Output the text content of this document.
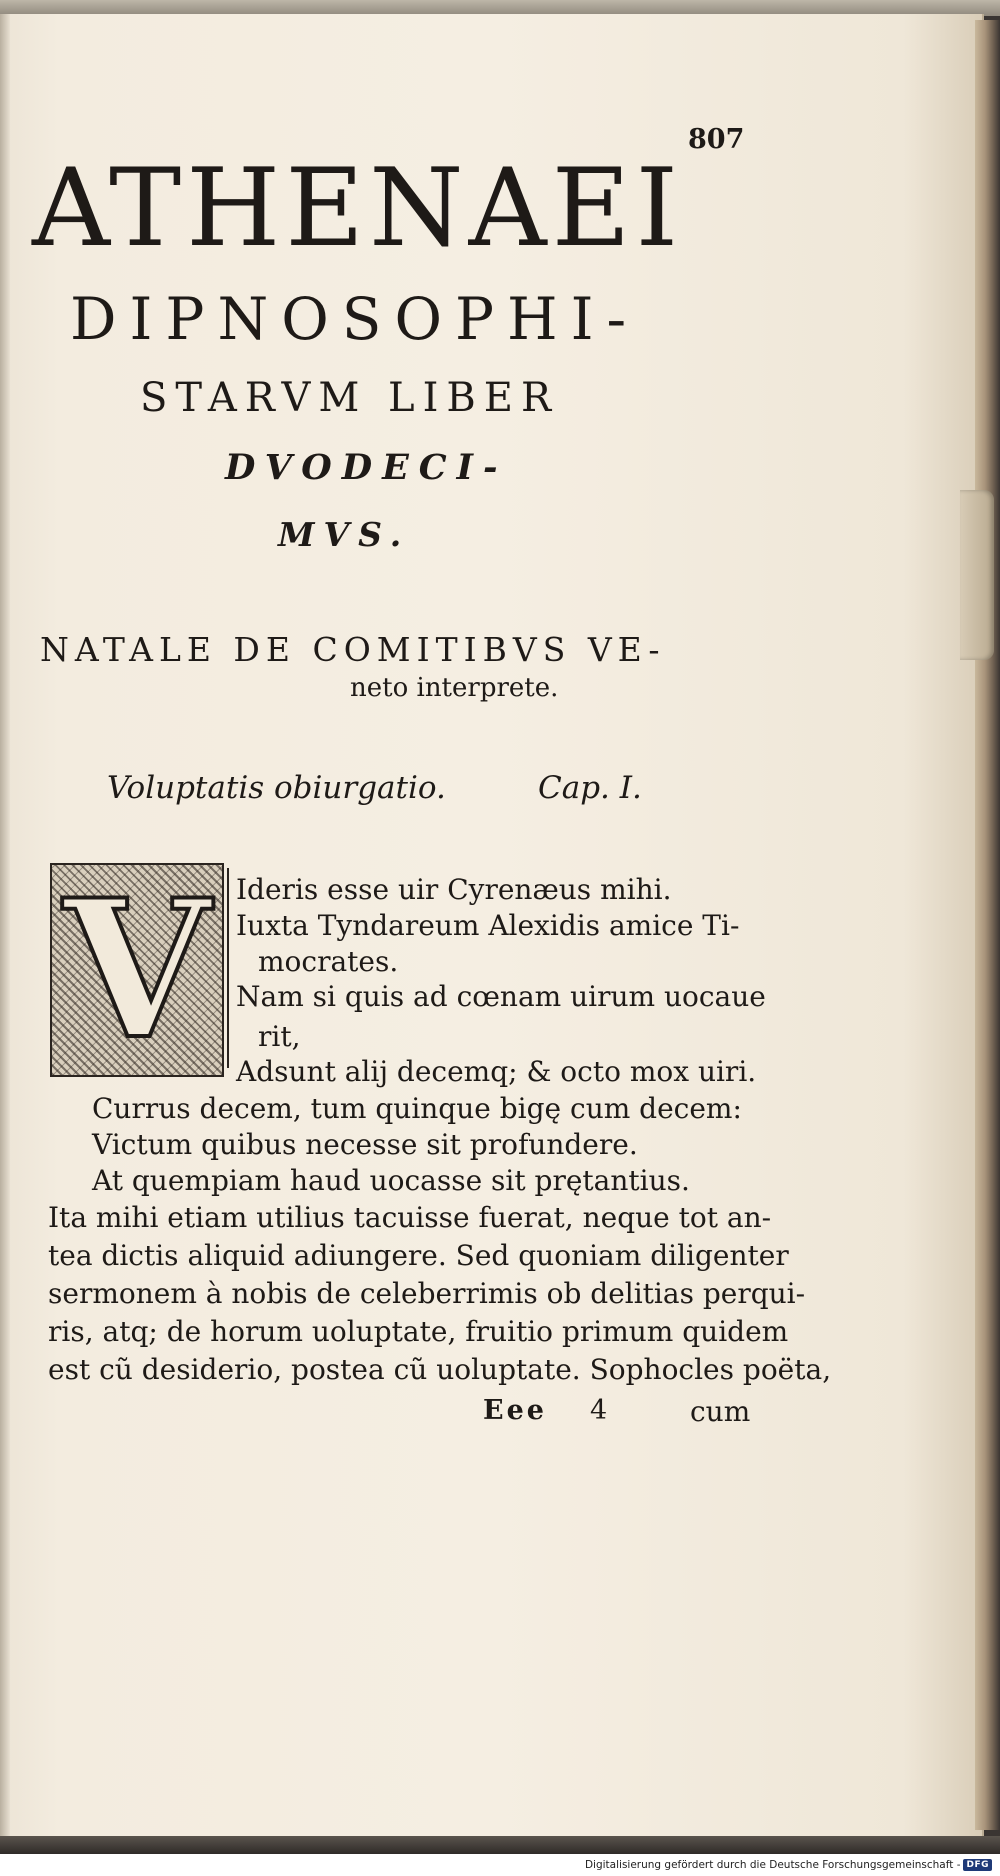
807
ATHENAEI
DIPNOSOPHI-
STARVM LIBER
DVODECI-
MVS.
NATALE DE COMITIBVS VE-
neto interprete.
Voluptatis obiurgatio.	Cap. I.
V Ideris esse uir Cyrenæus mihi.
Iuxta Tyndareum Alexidis amice Ti-
mocrates.
Nam si quis ad cœnam uirum uocaue
rit,
Adsunt alij decemq; & octo mox uiri.
Currus decem, tum quinque bigę cum decem:
Victum quibus necesse sit profundere.
At quempiam haud uocasse sit prętantius.
Ita mihi etiam utilius tacuisse fuerat, neque tot an-
tea dictis aliquid adiungere. Sed quoniam diligenter
sermonem à nobis de celeberrimis ob delitias perqui-
ris, atq; de horum uoluptate, fruitio primum quidem
est cũ desiderio, postea cũ uoluptate. Sophocles poëta,
Eee 4	cum
Digitalisierung gefördert durch die Deutsche Forschungsgemeinschaft - DFG
